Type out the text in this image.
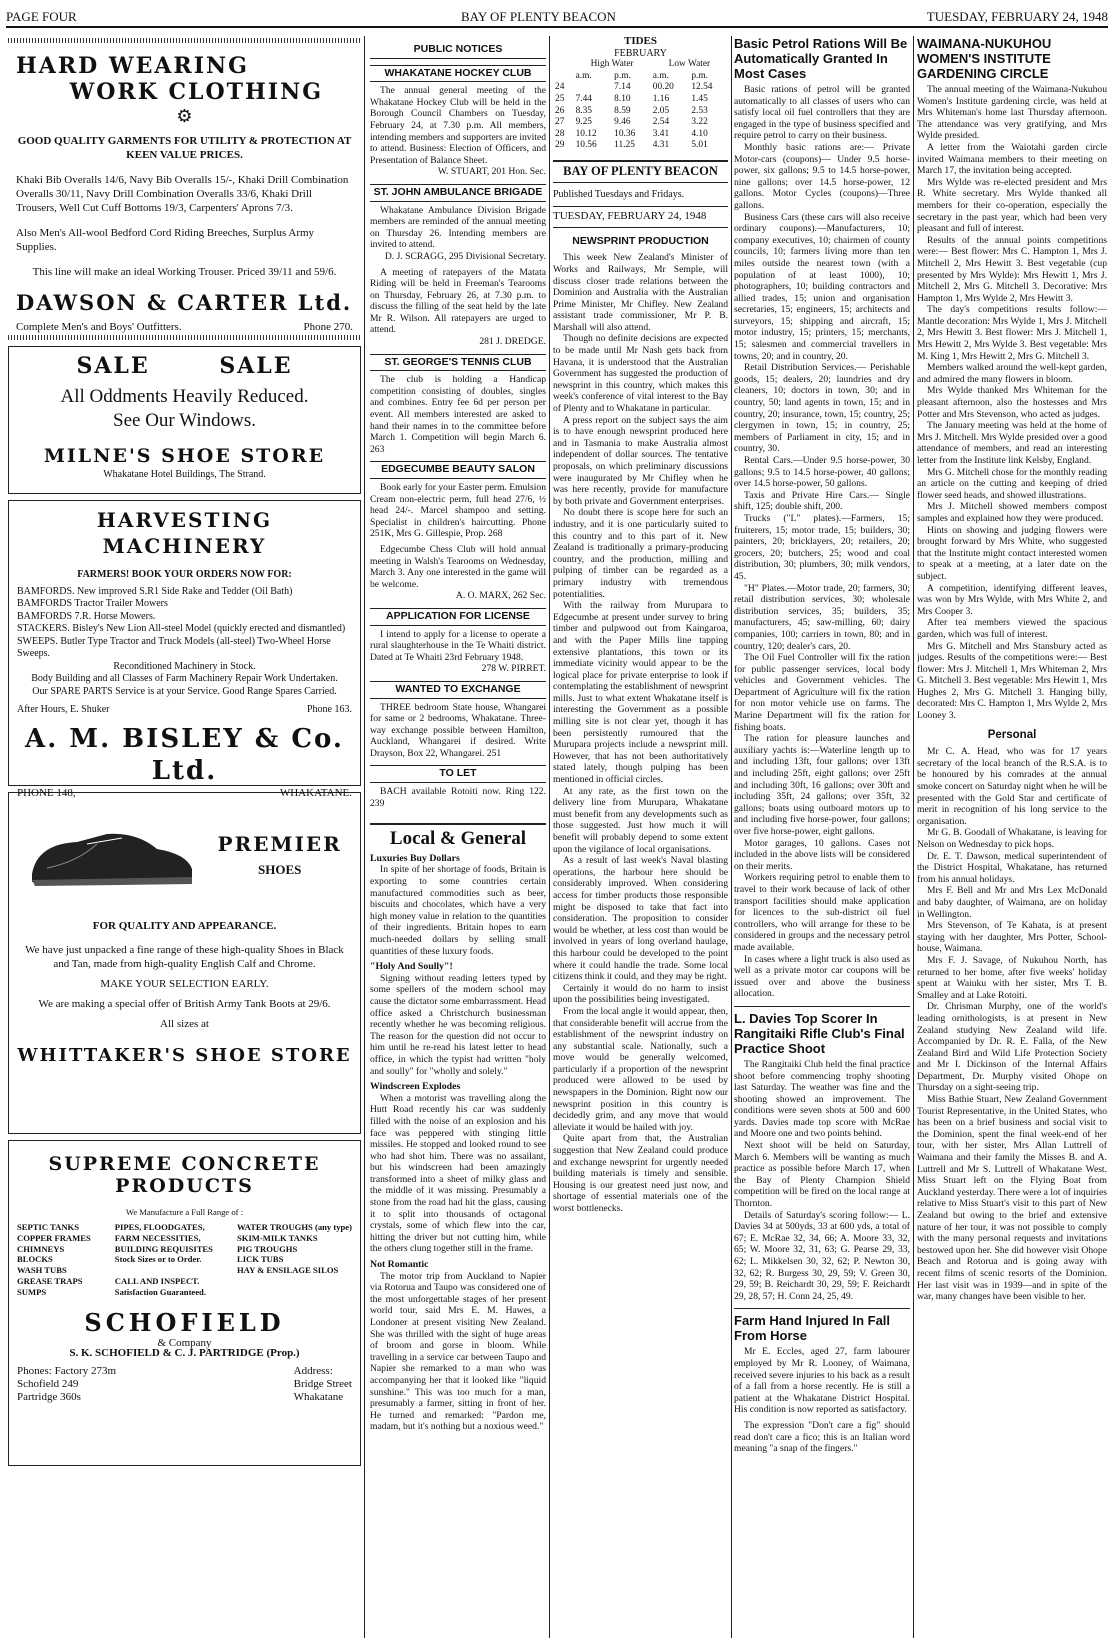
PAGE FOUR	BAY OF PLENTY BEACON	TUESDAY, FEBRUARY 24, 1948
HARD WEARING
WORK CLOTHING
⚙

GOOD QUALITY GARMENTS FOR UTILITY & PROTECTION AT KEEN VALUE PRICES.

Khaki Bib Overalls 14/6, Navy Bib Overalls 15/-, Khaki Drill Combination Overalls 30/11, Navy Drill Combination Overalls 33/6, Khaki Drill Trousers, Well Cut Cuff Bottoms 19/3, Carpenters' Aprons 7/3.

Also Men's All-wool Bedford Cord Riding Breeches, Surplus Army Supplies.

This line will make an ideal Working Trouser. Priced 39/11 and 59/6.

DAWSON & CARTER Ltd.
Complete Men's and Boys' Outfitters.	Phone 270.
SALE SALE
All Oddments Heavily Reduced.
See Our Windows.
MILNE'S SHOE STORE
Whakatane Hotel Buildings, The Strand.
HARVESTING MACHINERY
FARMERS! BOOK YOUR ORDERS NOW FOR:

BAMFORDS. New improved S.R1 Side Rake and Tedder (Oil Bath)

BAMFORDS Tractor Trailer Mowers

BAMFORDS 7.R. Horse Mowers.

STACKERS. Bisley's New Lion All-steel Model (quickly erected and dismantled)

SWEEPS. Butler Type Tractor and Truck Models (all-steel) Two-Wheel Horse Sweeps.

Reconditioned Machinery in Stock.

Body Building and all Classes of Farm Machinery Repair Work Undertaken.

Our SPARE PARTS Service is at your Service. Good Range Spares Carried.

After Hours, E. Shuker	Phone 163.
A. M. BISLEY & Co. Ltd.
PHONE 148,	WHAKATANE.
PREMIER
SHOES
FOR QUALITY AND APPEARANCE.

We have just unpacked a fine range of these high-quality Shoes in Black and Tan, made from high-quality English Calf and Chrome.

MAKE YOUR SELECTION EARLY.

We are making a special offer of British Army Tank Boots at 29/6.

All sizes at

WHITTAKER'S SHOE STORE
SUPREME CONCRETE PRODUCTS
We Manufacture a Full Range of :
SEPTIC TANKS
COPPER FRAMES
CHIMNEYS
BLOCKS
WASH TUBS
GREASE TRAPS
SUMPS
PIPES, FLOODGATES,
FARM NECESSITIES,
BUILDING REQUISITES
Stock Sizes or to Order.

CALL AND INSPECT.
Satisfaction Guaranteed.
WATER TROUGHS (any type)
SKIM-MILK TANKS
PIG TROUGHS
LICK TUBS
HAY & ENSILAGE SILOS
SCHOFIELD
& Company
S. K. SCHOFIELD & C. J. PARTRIDGE (Prop.)
Phones: Factory 273m
Schofield 249
Partridge 360s
Address:
Bridge Street
Whakatane
PUBLIC NOTICES
WHAKATANE HOCKEY CLUB

The annual general meeting of the Whakatane Hockey Club will be held in the Borough Council Chambers on Tuesday, February 24, at 7.30 p.m. All members, intending members and supporters are invited to attend. Business: Election of Officers, and Presentation of Balance Sheet.

W. STUART, 201 Hon. Sec.

ST. JOHN AMBULANCE BRIGADE

Whakatane Ambulance Division Brigade members are reminded of the annual meeting on Thursday 26. Intending members are invited to attend.

D. J. SCRAGG, 295 Divisional Secretary.

A meeting of ratepayers of the Matata Riding will be held in Freeman's Tearooms on Thursday, February 26, at 7.30 p.m. to discuss the filling of the seat held by the late Mr R. Wilson. All ratepayers are urged to attend.

281 J. DREDGE.

ST. GEORGE'S TENNIS CLUB

The club is holding a Handicap competition consisting of doubles, singles and combines. Entry fee 6d per person per event. All members interested are asked to hand their names in to the committee before March 1. Competition will begin March 6. 263

EDGECUMBE BEAUTY SALON

Book early for your Easter perm. Emulsion Cream non-electric perm, full head 27/6, ½ head 24/-. Marcel shampoo and setting. Specialist in children's haircutting. Phone 251K, Mrs G. Gillespie, Prop. 268

Edgecumbe Chess Club will hold annual meeting in Walsh's Tearooms on Wednesday, March 3. Any one interested in the game will be welcome.

A. O. MARX, 262 Sec.

APPLICATION FOR LICENSE

I intend to apply for a license to operate a rural slaughterhouse in the Te Whaiti district. Dated at Te Whaiti 23rd February 1948.

278 W. PIRRET.

WANTED TO EXCHANGE

THREE bedroom State house, Whangarei for same or 2 bedrooms, Whakatane. Three-way exchange possible between Hamilton, Auckland, Whangarei if desired. Write Drayson, Box 22, Whangarei. 251

TO LET

BACH available Rotoiti now. Ring 122. 239

Local & General
Luxuries Buy Dollars

In spite of her shortage of foods, Britain is exporting to some countries certain manufactured commodities such as beer, biscuits and chocolates, which have a very high money value in relation to the quantities of their ingredients. Britain hopes to earn much-needed dollars by selling small quantities of these luxury foods.

"Holy And Soully"!

Signing without reading letters typed by some spellers of the modern school may cause the dictator some embarrassment. Head office asked a Christchurch businessman recently whether he was becoming religious. The reason for the question did not occur to him until he re-read his latest letter to head office, in which the typist had written "holy and soully" for "wholly and solely."

Windscreen Explodes

When a motorist was travelling along the Hutt Road recently his car was suddenly filled with the noise of an explosion and his face was peppered with stinging little missiles. He stopped and looked round to see who had shot him. There was no assailant, but his windscreen had been amazingly transformed into a sheet of milky glass and the middle of it was missing. Presumably a stone from the road had hit the glass, causing it to split into thousands of octagonal crystals, some of which flew into the car, hitting the driver but not cutting him, while the others clung together still in the frame.

Not Romantic

The motor trip from Auckland to Napier via Rotorua and Taupo was considered one of the most unforgettable stages of her present world tour, said Mrs E. M. Hawes, a Londoner at present visiting New Zealand. She was thrilled with the sight of huge areas of broom and gorse in bloom. While travelling in a service car between Taupo and Napier she remarked to a man who was accompanying her that it looked like "liquid sunshine." This was too much for a man, presumably a farmer, sitting in front of her. He turned and remarked: "Pardon me, madam, but it's nothing but a noxious weed."

TIDES
FEBRUARY
	High Water		Low Water	
	a.m.	p.m.	a.m.	p.m.
24		7.14	00.20	12.54
25	7.44	8.10	1.16	1.45
26	8.35	8.59	2.05	2.53
27	9.25	9.46	2.54	3.22
28	10.12	10.36	3.41	4.10
29	10.56	11.25	4.31	5.01
BAY OF PLENTY BEACON
Published Tuesdays and Fridays.
TUESDAY, FEBRUARY 24, 1948
NEWSPRINT PRODUCTION

This week New Zealand's Minister of Works and Railways, Mr Semple, will discuss closer trade relations between the Dominion and Australia with the Australian Prime Minister, Mr Chifley. New Zealand assistant trade commissioner, Mr P. B. Marshall will also attend.

Though no definite decisions are expected to be made until Mr Nash gets back from Havana, it is understood that the Australian Government has suggested the production of newsprint in this country, which makes this week's conference of vital interest to the Bay of Plenty and to Whakatane in particular.

A press report on the subject says the aim is to have enough newsprint produced here and in Tasmania to make Australia almost independent of dollar sources. The tentative proposals, on which preliminary discussions were inaugurated by Mr Chifley when he was here recently, provide for manufacture by both private and Government enterprises.

No doubt there is scope here for such an industry, and it is one particularly suited to this country and to this part of it. New Zealand is traditionally a primary-producing country, and the production, milling and pulping of timber can be regarded as a primary industry with tremendous potentialities.

With the railway from Murupara to Edgecumbe at present under survey to bring timber and pulpwood out from Kaingaroa, and with the Paper Mills line tapping extensive plantations, this town or its immediate vicinity would appear to be the logical place for private enterprise to look if contemplating the establishment of newsprint mills. Just to what extent Whakatane itself is interesting the Government as a possible milling site is not clear yet, though it has been persistently rumoured that the Murupara projects include a newsprint mill. However, that has not been authoritatively stated lately, though pulping has been mentioned in official circles.

At any rate, as the first town on the delivery line from Murupara, Whakatane must benefit from any developments such as those suggested. Just how much it will benefit will probably depend to some extent upon the vigilance of local organisations.

As a result of last week's Naval blasting operations, the harbour here should be considerably improved. When considering access for timber products those responsible might be disposed to take that fact into consideration. The proposition to consider would be whether, at less cost than would be involved in years of long overland haulage, this harbour could be developed to the point where it could handle the trade. Some local citizens think it could, and they may be right.

Certainly it would do no harm to insist upon the possibilities being investigated.

From the local angle it would appear, then, that considerable benefit will accrue from the establishment of the newsprint industry on any substantial scale. Nationally, such a move would be generally welcomed, particularly if a proportion of the newsprint produced were allowed to be used by newspapers in the Dominion. Right now our newsprint position in this country is decidedly grim, and any move that would alleviate it would be hailed with joy.

Quite apart from that, the Australian suggestion that New Zealand could produce and exchange newsprint for urgently needed building materials is timely and sensible. Housing is our greatest need just now, and shortage of essential materials one of the worst bottlenecks.

Basic Petrol Rations Will Be Automatically Granted In Most Cases

Basic rations of petrol will be granted automatically to all classes of users who can satisfy local oil fuel controllers that they are engaged in the type of business specified and require petrol to carry on their business.

Monthly basic rations are:— Private Motor-cars (coupons)— Under 9.5 horse-power, six gallons; 9.5 to 14.5 horse-power, nine gallons; over 14.5 horse-power, 12 gallons. Motor Cycles (coupons)—Three gallons.

Business Cars (these cars will also receive ordinary coupons).—Manufacturers, 10; company executives, 10; chairmen of county councils, 10; farmers living more than ten miles outside the nearest town (with a population of at least 1000), 10; photographers, 10; building contractors and allied trades, 15; union and organisation secretaries, 15; engineers, 15; architects and surveyors, 15; shipping and aircraft, 15; motor industry, 15; printers, 15; merchants, 15; salesmen and commercial travellers in towns, 20; and in country, 20.

Retail Distribution Services.— Perishable goods, 15; dealers, 20; laundries and dry cleaners, 10; doctors in town, 30; and in country, 50; land agents in town, 15; and in country, 20; insurance, town, 15; country, 25; clergymen in town, 15; in country, 25; members of Parliament in city, 15; and in country, 30.

Rental Cars.—Under 9.5 horse-power, 30 gallons; 9.5 to 14.5 horse-power, 40 gallons; over 14.5 horse-power, 50 gallons.

Taxis and Private Hire Cars.— Single shift, 125; double shift, 200.

Trucks ("L" plates).—Farmers, 15; fruiterers, 15; motor trade, 15; builders, 30; painters, 20; bricklayers, 20; retailers, 20; grocers, 20; butchers, 25; wood and coal distribution, 30; plumbers, 30; milk vendors, 45.

"H" Plates.—Motor trade, 20; farmers, 30; retail distribution services, 30; wholesale distribution services, 35; builders, 35; manufacturers, 45; saw-milling, 60; dairy companies, 100; carriers in town, 80; and in country, 120; dealer's cars, 20.

The Oil Fuel Controller will fix the ration for public passenger services, local body vehicles and Government vehicles. The Department of Agriculture will fix the ration for non motor vehicle use on farms. The Marine Department will fix the ration for fishing boats.

The ration for pleasure launches and auxiliary yachts is:—Waterline length up to and including 13ft, four gallons; over 13ft and including 25ft, eight gallons; over 25ft and including 30ft, 16 gallons; over 30ft and including 35ft, 24 gallons; over 35ft, 32 gallons; boats using outboard motors up to and including five horse-power, four gallons; over five horse-power, eight gallons.

Motor garages, 10 gallons. Cases not included in the above lists will be considered on their merits.

Workers requiring petrol to enable them to travel to their work because of lack of other transport facilities should make application for licences to the sub-district oil fuel controllers, who will arrange for these to be considered in groups and the necessary petrol made available.

In cases where a light truck is also used as well as a private motor car coupons will be issued over and above the business allocation.

L. Davies Top Scorer In Rangitaiki Rifle Club's Final Practice Shoot

The Rangitaiki Club held the final practice shoot before commencing trophy shooting last Saturday. The weather was fine and the shooting showed an improvement. The conditions were seven shots at 500 and 600 yards. Davies made top score with McRae and Moore one and two points behind.

Next shoot will be held on Saturday, March 6. Members will be wanting as much practice as possible before March 17, when the Bay of Plenty Champion Shield competition will be fired on the local range at Thornton.

Details of Saturday's scoring follow:— L. Davies 34 at 500yds, 33 at 600 yds, a total of 67; E. McRae 32, 34, 66; A. Moore 33, 32, 65; W. Moore 32, 31, 63; G. Pearse 29, 33, 62; L. Mikkelsen 30, 32, 62; P. Newton 30, 32, 62; R. Burgess 30, 29, 59; V. Green 30, 29, 59; B. Reichardt 30, 29, 59; F. Reichardt 29, 28, 57; H. Conn 24, 25, 49.

Farm Hand Injured In Fall From Horse

Mr E. Eccles, aged 27, farm labourer employed by Mr R. Looney, of Waimana, received severe injuries to his back as a result of a fall from a horse recently. He is still a patient at the Whakatane District Hospital. His condition is now reported as satisfactory.

The expression "Don't care a fig" should read don't care a fico; this is an Italian word meaning "a snap of the fingers."

WAIMANA-NUKUHOU WOMEN'S INSTITUTE GARDENING CIRCLE

The annual meeting of the Waimana-Nukuhou Women's Institute gardening circle, was held at Mrs Whiteman's home last Thursday afternoon. The attendance was very gratifying, and Mrs Wylde presided.

A letter from the Waiotahi garden circle invited Waimana members to their meeting on March 17, the invitation being accepted.

Mrs Wylde was re-elected president and Mrs R. White secretary. Mrs Wylde thanked all members for their co-operation, especially the secretary in the past year, which had been very pleasant and full of interest.

Results of the annual points competitions were:— Best flower: Mrs C. Hampton 1, Mrs J. Mitchell 2, Mrs Hewitt 3. Best vegetable (cup presented by Mrs Wylde): Mrs Hewitt 1, Mrs J. Mitchell 2, Mrs G. Mitchell 3. Decorative: Mrs Hampton 1, Mrs Wylde 2, Mrs Hewitt 3.

The day's competitions results follow:— Mantle decoration: Mrs Wylde 1, Mrs J. Mitchell 2, Mrs Hewitt 3. Best flower: Mrs J. Mitchell 1, Mrs Hewitt 2, Mrs Wylde 3. Best vegetable: Mrs M. King 1, Mrs Hewitt 2, Mrs G. Mitchell 3.

Members walked around the well-kept garden, and admired the many flowers in bloom.

Mrs Wylde thanked Mrs Whiteman for the pleasant afternoon, also the hostesses and Mrs Potter and Mrs Stevenson, who acted as judges.

The January meeting was held at the home of Mrs J. Mitchell. Mrs Wylde presided over a good attendance of members, and read an interesting letter from the Institute link Kelsby, England.

Mrs G. Mitchell chose for the monthly reading an article on the cutting and keeping of dried flower seed heads, and showed illustrations.

Mrs J. Mitchell showed members compost samples and explained how they were produced.

Hints on showing and judging flowers were brought forward by Mrs White, who suggested that the Institute might contact interested women to speak at a meeting, at a later date on the subject.

A competition, identifying different leaves, was won by Mrs Wylde, with Mrs White 2, and Mrs Cooper 3.

After tea members viewed the spacious garden, which was full of interest.

Mrs G. Mitchell and Mrs Stansbury acted as judges. Results of the competitions were:— Best flower: Mrs J. Mitchell 1, Mrs Whiteman 2, Mrs G. Mitchell 3. Best vegetable: Mrs Hewitt 1, Mrs Hughes 2, Mrs G. Mitchell 3. Hanging billy, decorated: Mrs C. Hampton 1, Mrs Wylde 2, Mrs Looney 3.

Personal

Mr C. A. Head, who was for 17 years secretary of the local branch of the R.S.A. is to be honoured by his comrades at the annual smoke concert on Saturday night when he will be presented with the Gold Star and certificate of merit in recognition of his long service to the organisation.

Mr G. B. Goodall of Whakatane, is leaving for Nelson on Wednesday to pick hops.

Dr. E. T. Dawson, medical superintendent of the District Hospital, Whakatane, has returned from his annual holidays.

Mrs F. Bell and Mr and Mrs Lex McDonald and baby daughter, of Waimana, are on holiday in Wellington.

Mrs Stevenson, of Te Kahata, is at present staying with her daughter, Mrs Potter, School-house, Waimana.

Mrs F. J. Savage, of Nukuhou North, has returned to her home, after five weeks' holiday spent at Waiuku with her sister, Mrs T. B. Smalley and at Lake Rotoiti.

Dr. Chrisman Murphy, one of the world's leading ornithologists, is at present in New Zealand studying New Zealand wild life. Accompanied by Dr. R. E. Falla, of the New Zealand Bird and Wild Life Protection Society and Mr I. Dickinson of the Internal Affairs Department, Dr. Murphy visited Ohope on Thursday on a sight-seeing trip.

Miss Bathie Stuart, New Zealand Government Tourist Representative, in the United States, who has been on a brief business and social visit to the Dominion, spent the final week-end of her tour, with her sister, Mrs Allan Luttrell of Waimana and their family the Misses B. and A. Luttrell and Mr S. Luttrell of Whakatane West. Miss Stuart left on the Flying Boat from Auckland yesterday. There were a lot of inquiries relative to Miss Stuart's visit to this part of New Zealand but owing to the brief and extensive nature of her tour, it was not possible to comply with the many personal requests and invitations bestowed upon her. She did however visit Ohope Beach and Rotorua and is going away with recent films of scenic resorts of the Dominion. Her last visit was in 1939—and in spite of the war, many changes have been visible to her.
